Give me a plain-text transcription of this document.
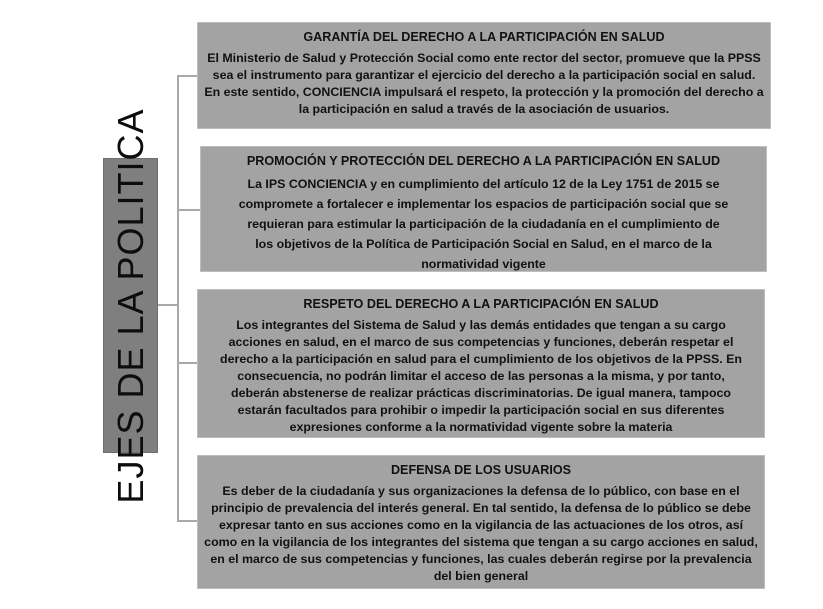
EJES DE LA POLITICA
GARANTÍA DEL DERECHO A LA PARTICIPACIÓN EN SALUD
El Ministerio de Salud y Protección Social como ente rector del sector, promueve que la PPSS sea el instrumento para garantizar el ejercicio del derecho a la participación social en salud. En este sentido, CONCIENCIA impulsará el respeto, la protección y la promoción del derecho a la participación en salud a través de la asociación de usuarios.
PROMOCIÓN Y PROTECCIÓN DEL DERECHO A LA PARTICIPACIÓN EN SALUD
La IPS CONCIENCIA y en cumplimiento del artículo 12 de la Ley 1751 de 2015 se compromete a fortalecer e implementar los espacios de participación social que se requieran para estimular la participación de la ciudadanía en el cumplimiento de los objetivos de la Política de Participación Social en Salud, en el marco de la normatividad vigente
RESPETO DEL DERECHO A LA PARTICIPACIÓN EN SALUD
Los integrantes del Sistema de Salud y las demás entidades que tengan a su cargo acciones en salud, en el marco de sus competencias y funciones, deberán respetar el derecho a la participación en salud para el cumplimiento de los objetivos de la PPSS. En consecuencia, no podrán limitar el acceso de las personas a la misma, y por tanto, deberán abstenerse de realizar prácticas discriminatorias. De igual manera, tampoco estarán facultados para prohibir o impedir la participación social en sus diferentes expresiones conforme a la normatividad vigente sobre la materia
DEFENSA DE LOS USUARIOS
Es deber de la ciudadanía y sus organizaciones la defensa de lo público, con base en el principio de prevalencia del interés general. En tal sentido, la defensa de lo público se debe expresar tanto en sus acciones como en la vigilancia de las actuaciones de los otros, así como en la vigilancia de los integrantes del sistema que tengan a su cargo acciones en salud, en el marco de sus competencias y funciones, las cuales deberán regirse por la prevalencia del bien general
